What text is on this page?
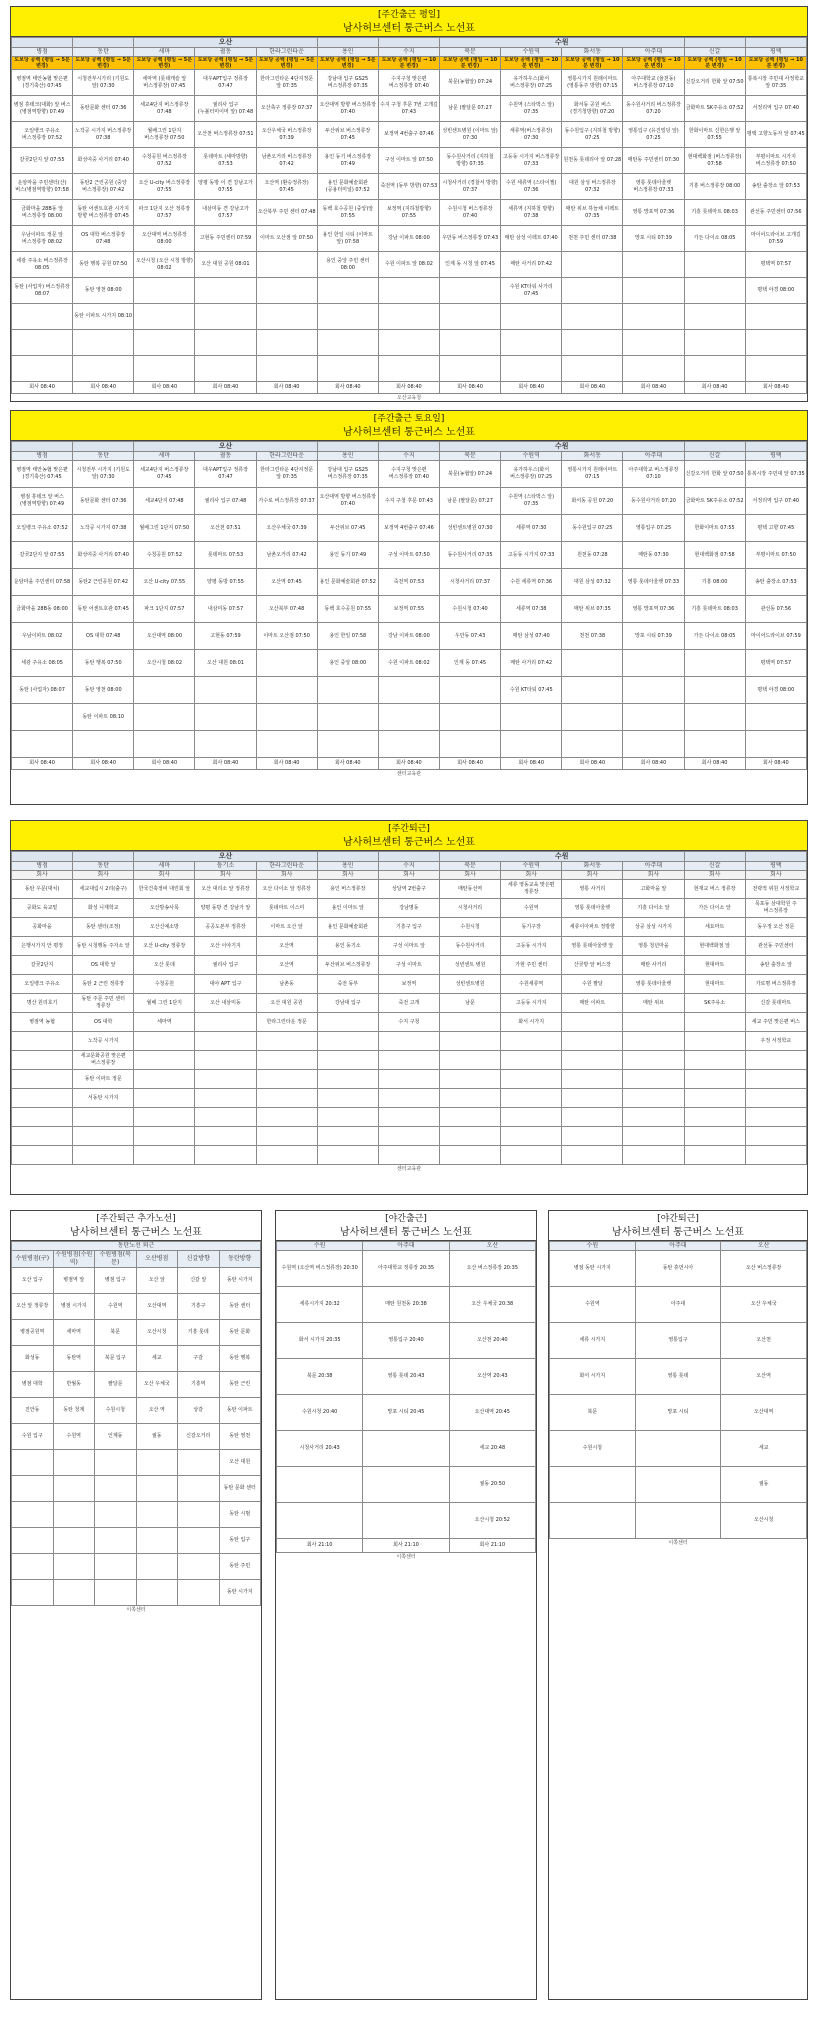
[주간출근 평일]
남사허브센터 통근버스 노선표
		오산					수원					
병점	동탄	세마	궐동	한라그린타운	용인	수지	북문	수원역	화서동	아주대	신갈	평택
도보당 공백 (평일 → 5분 변경)	도보당 공백 (평일 → 5분 변경)	도보당 공백 (평일 → 5분 변경)	도보당 공백 (평일 → 5분 변경)	도보당 공백 (평일 → 5분 변경)	도보당 공백 (평일 → 5분 변경)	도보당 공백 (평일 → 10분 변경)	도보당 공백 (평일 → 10분 변경)	도보당 공백 (평일 → 10분 변경)	도보당 공백 (평일 → 10분 변경)	도보당 공백 (평일 → 10분 변경)	도보당 공백 (평일 → 10분 변경)	도보당 공백 (평일 → 10분 변경)
병점역 태안농협 맞은편 (경기축산) 07:45	시청전부시가리 (기원도 앞) 07:30	세마역 (롯데캐슬 앞 버스정류장) 07:45	대우APT입구 정류장 07:47	한라그린타운 4단지정문 앞 07:35	강남대 입구 GS25 버스정류장 07:35	수지구청 맞은편 버스정류장 07:40	북문(농협앞) 07:24	유가하우스(화서 버스정류장) 07:25	영통시가지 원래이마트 (영통동주 방향) 07:15	아주대학교 (율천동) 버스정류장 07:10	신갈오거리 한화 앞 07:50	통복시장 주민대 사정학교 앞 07:35
병점 휴테크(대화) 앞 버스(병점역방향) 07:49	동탄문화 센터 07:36	세교4단지 버스정류장 07:48	궐리사 입구 (누볼터미이머 앞) 07:48	오산축구 정류장 07:37	오산대역 방향 버스정류장 07:40	수지 구청 후문 7번 고개길 07:43	남문 (팔달문 07:27	수원역 (스타벅스 앞) 07:35	화서동 공원 버스 (경기청방향) 07:20	동수원사거리 버스정류장 07:20	금화마트 SK주유소 07:52	서정리역 입구 07:40
오일뱅크 주유소 버스정류장 07:52	노작공 시가지 버스정류장 07:38	월배그린 1단지 버스정류장 07:50	오산천 버스정류장 07:51	오산우체국 버스정류장 07:39	두산위브 버스정류장 07:45	보정역 4번출구 07:46	성빈센트병원 (이마트 앞) 07:30	세류역(버스정류장) 07:30	동수원입구 (지하철 방향) 07:25	영통입구 (유진빌딩 앞) 07:25	한화이마트 신한은행 앞 07:55	평택 고향노동자 앞 07:45
갈곶2단지 앞 07:55	화성여중 사거리 07:40	수청공원 버스정류장 07:52	롯데마트 (세마방향) 07:53	남촌오거리 버스정류장 07:42	용인 동기 버스정류장 07:49	구성 이마트 앞 07:50	동수원사거리 (지하철 방향) 07:35	고등동 시가지 버스정류장 07:33	원천동 롯데리아 앞 07:28	매탄동 주민센터 07:30	현대백화점 (버스정류장) 07:58	부평이마트 시가지 버스정류장 07:50
운암마을 주민센터(산) 버스(병점역방향) 07:58	동탄2 근린공원 (중앙 버스정류장) 07:42	오산 U-city 버스정류장 07:55	양평 동방 이 견 강남고가 07:55	오산역 (환승정류장) 07:45	용인 문화예술회관 (공용터미널) 07:52	죽전역 (동부 방향) 07:53	시청사거리 (경찰서 방향) 07:37	수원 세류역 (스타이젤) 07:36	대원 삼성 버스정류장 07:32	영통 롯데아울렛 버스정류장 07:33	기흥 버스정류장 08:00	송탄 출장소 앞 07:53
금화마을 28B동 앞 버스정류장 08:00	동탄 어센트호관 시가지 방향 버스정류장 07:45	파크 1단지 오산 정류장 07:57	내삼미동 견 강남고가 07:57	오산북부 주민 센터 07:48	동백 호수공원 (중앙)앞 07:55	보정역 (지하철방향) 07:55	수원시청 버스정류장 07:40	세류역 (지하철 방향) 07:38	매탄 위브 하늘채 이펙트 07:35	영통 망포역 07:36	기흥 롯데마트 08:03	관선동 주민센터 07:56
우남이파트 정문 앞 버스정류장 08:02	OS 대학 버스정류장 07:48	오산대역 버스정류장 08:00	고현동 주민센터 07:59	이마트 오산점 앞 07:50	용인 한일 시티 (이마트 앞) 07:58	강남 이파트 08:00	우만동 버스정류장 07:43	매탄 삼성 이펙트 07:40	천천 주민 센터 07:38	망포 시티 07:39	가든 다이소 08:05	마이어드라이브 고개길 07:59
세광 주유소 버스정류장 08:05	동탄 행복 공원 07:50	오산시청 (오산 시청 방향) 08:02	오산 대원 공원 08:01		용인 중앙 주민 센터 08:00	수원 이파트 앞 08:02	인계 동 시청 앞 07:45	매탄 사거리 07:42				평택역 07:57
동탄 (사업자) 버스정류장 08:07	동탄 영천 08:00							수원 KT타워 사가리 07:45				평택 야경 08:00
	동탄 이파트 시가지 08:10											

회사 08:40	회사 08:40	회사 08:40	회사 08:40	회사 08:40	회사 08:40	회사 08:40	회사 08:40	회사 08:40	회사 08:40	회사 08:40	회사 08:40	회사 08:40
오산교육청
[주간출근 토요일]
남사허브센터 통근버스 노선표
		오산					수원					
병점	동탄	세마	궐동	한라그린타운	용인	수지	북문	수원역	화서동	아주대	신갈	평택
병점역 태안농협 맞은편 (경기축산) 07:45	시청전부 시가지 (기원도 앞) 07:30	세교4단지 버스정류장 07:45	대우APT입구 정류장 07:47	한라그린타운 4단지정문 앞 07:35	강남대 입구 GS25 버스정류장 07:35	수지구청 맞은편 버스정류장 07:40	북문(농협앞) 07:24	유가하우스(화서 버스정류장) 07:25	영통시가지 원래이마트 07:15	아주대학교 버스정류장 07:10	신갈오거리 한화 앞 07:50	통복시장 주민대 앞 07:35
병점 휴테크 앞 버스(병점역방향) 07:49	동탄문화 센터 07:36	세교4단지 07:48	궐리사 입구 07:48	가수로 버스정류장 07:37	오산대역 방향 버스정류장 07:40	수지 구청 후문 07:43	남문 (팔달문) 07:27	수원역 (스타벅스 앞) 07:35	화서동 공원 07:20	동수원사거리 07:20	금화마트 SK주유소 07:52	서정리역 입구 07:40
오일뱅크 주유소 07:52	노작공 시가지 07:38	월배그린 1단지 07:50	오산천 07:51	오산우체국 07:39	두산위브 07:45	보정역 4번출구 07:46	성빈센트병원 07:30	세류역 07:30	동수원입구 07:25	영통입구 07:25	한화이마트 07:55	평택 고향 07:45
갈곶2단지 앞 07:55	화성여중 사거리 07:40	수청공원 07:52	롯데마트 07:53	남촌오거리 07:42	용인 동기 07:49	구성 이마트 07:50	동수원사거리 07:35	고등동 시가지 07:33	원천동 07:28	매탄동 07:30	현대백화점 07:58	부평이마트 07:50
운암마을 주민센터 07:58	동탄2 근린공원 07:42	오산 U-city 07:55	양평 동방 07:55	오산역 07:45	용인 문화예술회관 07:52	죽전역 07:53	시청사거리 07:37	수원 세류역 07:36	대원 삼성 07:32	영통 롯데아울렛 07:33	기흥 08:00	송탄 출장소 07:53
금화마을 28B동 08:00	동탄 어센트호관 07:45	파크 1단지 07:57	내삼미동 07:57	오산북부 07:48	동백 호수공원 07:55	보정역 07:55	수원시청 07:40	세류역 07:38	매탄 위브 07:35	영통 망포역 07:36	기흥 롯데마트 08:03	관선동 07:56
우남이파트 08:02	OS 대학 07:48	오산대역 08:00	고현동 07:59	이마트 오산점 07:50	용인 한일 07:58	강남 이파트 08:00	우만동 07:43	매탄 삼성 07:40	천천 07:38	망포 시티 07:39	가든 다이소 08:05	마이어드라이브 07:59
세광 주유소 08:05	동탄 행복 07:50	오산시청 08:02	오산 대원 08:01		용인 중앙 08:00	수원 이파트 08:02	인계 동 07:45	매탄 사거리 07:42				평택역 07:57
동탄 (사업자) 08:07	동탄 영천 08:00							수원 KT타워 07:45				평택 야경 08:00
	동탄 이파트 08:10											

회사 08:40	회사 08:40	회사 08:40	회사 08:40	회사 08:40	회사 08:40	회사 08:40	회사 08:40	회사 08:40	회사 08:40	회사 08:40	회사 08:40	회사 08:40
센터교육관
[주간퇴근]
남사허브센터 통근버스 노선표
		오산					수원					
병점	동탄	세마	듬기소	한라그린타운	용인	수지	북문	수원역	화서동	아주대	신갈	평택
회사	회사	회사	회사	회사	회사	회사	회사	회사	회사	회사	회사	회사
동탄 우문(대치)	세교대림시 2리(출구)	한국건축정비 대린회 앞	오산 대리소 앞 정류장	오산 다이소 앞 정류장	용인 버스정류장	상달역 2번출구	매탄동선역	세류 영동교육 맞은편 정류장	영통 사거리	고화마을 앞	현재교 버스 정류장	전략적 위원 서정학교
공화도 육교밑	화성 니제학교	오산방송사목	양평 동방 견 강남가 앞	롯데마트 이스미	용인 이마트 앞	강남명동	시청사거리	수원역	영통 롯데아울렛	기흥 다이소 앞	가든 다이소 앞	목포동 삼대학원 주 버스정류장
공화마을	동탄 센터(조정)	오산신예소방	공공도본부 정류장	이마트 오산 앞	용인 문화예술회관	기흥구 입구	수원시청	동기구장	세류이아파트 정방향	상공 삼성 시가지	세요마트	동우정 오산 정문
은행시가지 안 평정	동탄 시청행동 주자소 앞	오산 U-city 정류장	오산 이야기지	오산역	용인 동기소	구성 이마트 앞	동수원사거리	고등동 시가지	영통 롯데아울렛 앞	영통 청년마을	현대백화점 앞	관선동 주민센터
갈곶2단지	OS 대학 앞	오산 롯데	궐리사 입구	오산역	두산위브 버스정류장	구성 이마트	성빈센트 병원	가현 주민 센터	산곶방 앞 버스장	매탄 사거리	현대마트	송탄 출장소 앞
오일뱅크 주유소	동탄 2 근린 정류장	수청공원	대야 APT 입구	남촌동	죽전 동부	보정역	성빈센트병원	수원세류역	수원 팔달	영통 롯데아울렛	현대마트	가로명 버스정류장
명산 원리호기	동탄 주문 주민 센터 정류장	월배 그린 1단지	오산 내삼미동	오산 대원 공원	강남대 입구	죽전 고개	남문	고등동 시가지	매탄 이파트	매탄 위브	SK주유소	신갈 롯데마트
병점역 농협	OS 대학	세마역		한라그린타운 정문		수지 구청		화서 시가지				세교 주민 맞은편 버스
	노작공 시가지											우정 서정학교
	세교문화공원 맞은편 버스정류장											
	동탄 이파트 정문											
	서동탄 시가지											

센터교육관
[주간퇴근 추가노선]
남사허브센터 통근버스 노선표
동탄노선 퇴근					
수원병점(구)	수원병점(수원역)	수원병점(북문)	오산병점	신갈방향	동탄방향
오산 입구	병점역 앞	병점 입구	오산 앞	신갈 앞	동탄 시가지
오산 앞 정류장	병점 시가지	수원역	오산대역	기흥구	동탄 센터
병점공원역	세마역	북문	오산시청	기흥 롯데	동탄 문화
화성동	동탄역	북문 입구	세교	구갈	동탄 행복
병점 대학	반월동	팔달문	오산 우체국	기흥역	동탄 근린
진안동	동탄 청계	수원시청	오산 역	상갈	동탄 이파트
수원 입구	수원역	인계동	궐동	신갈오거리	동탄 영천
					오산 대원
					동탄 문화 센터
					동탄 시범
					동탄 입구
					동탄 주민
					동탄 시가지
이쪽센터
[야간출근]
남사허브센터 통근버스 노선표
수원	아주대	오산
수원역 (오산역 버스정류장) 20:30	아주대학교 정류장 20:35	오산 버스정류장 20:35
세류시가지 20:32	매탄 원천동 20:38	오산 우체국 20:38
화서 시가지 20:35	영통입구 20:40	오산천 20:40
북문 20:38	영통 롯데 20:43	오산역 20:43
수원시청 20:40	망포 시티 20:45	오산대역 20:45
시청사거리 20:43		세교 20:48
		궐동 20:50
		오산시청 20:52
회사 21:10	회사 21:10	회사 21:10
이쪽센터
[야간퇴근]
남사허브센터 통근버스 노선표
수원	아주대	오산
병점 동탄 시가지	동탄 휴먼시아	오산 버스정류장
수원역	아주대	오산 우체국
세류 시가지	영통입구	오산천
화서 시가지	영통 롯데	오산역
북문	망포 시티	오산대역
수원시청		세교
		궐동
		오산시청
이쪽센터
